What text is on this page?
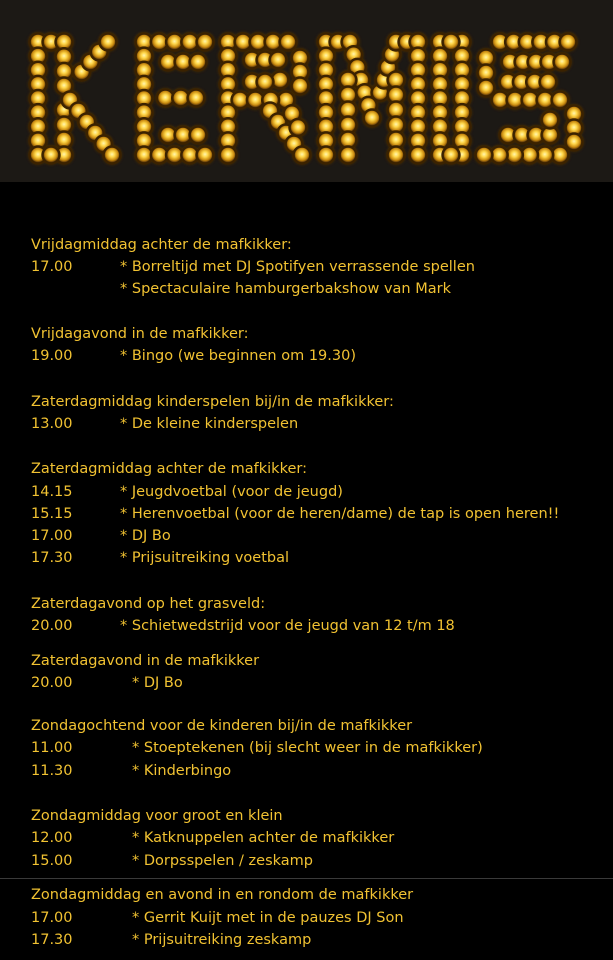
Vrijdagmiddag achter de mafkikker:
17.00	* Borreltijd met DJ Spotifyen verrassende spellen
* Spectaculaire hamburgerbakshow van Mark
Vrijdagavond in de mafkikker:
19.00	* Bingo (we beginnen om 19.30)
Zaterdagmiddag kinderspelen bij/in de mafkikker:
13.00	* De kleine kinderspelen
Zaterdagmiddag achter de mafkikker:
14.15	* Jeugdvoetbal (voor de jeugd)
15.15	* Herenvoetbal (voor de heren/dame) de tap is open heren!!
17.00	* DJ Bo
17.30	* Prijsuitreiking voetbal
Zaterdagavond op het grasveld:
20.00	* Schietwedstrijd voor de jeugd van 12 t/m 18
Zaterdagavond in de mafkikker
20.00	* DJ Bo
Zondagochtend voor de kinderen bij/in de mafkikker
11.00	* Stoeptekenen (bij slecht weer in de mafkikker)
11.30	* Kinderbingo
Zondagmiddag voor groot en klein
12.00	* Katknuppelen achter de mafkikker
15.00	* Dorpsspelen / zeskamp
Zondagmiddag en avond in en rondom de mafkikker
17.00	* Gerrit Kuijt met in de pauzes DJ Son
17.30	* Prijsuitreiking zeskamp
